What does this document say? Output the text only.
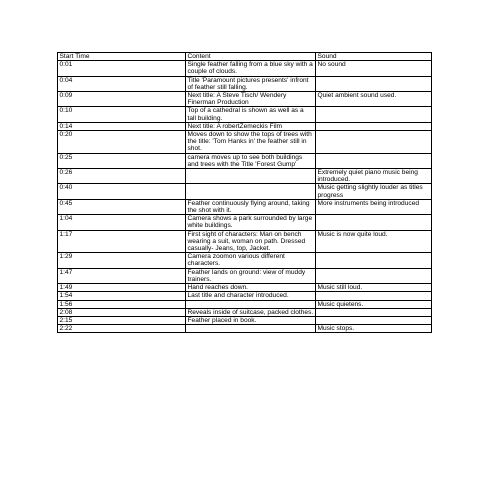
Start Time	Content	Sound
0:01	Single feather falling from a blue sky with a couple of clouds.	No sound
0:04	Title 'Paramount pictures presents' infront of feather still falling.	
0:09	Next title: A Steve Tisch/ Wendery Finerman Production	Quiet ambient sound used.
0:10	Top of a cathedral is shown as well as a tall building.	
0:14	Next title: A robertZemeckis Film	
0:20	Moves down to show the tops of trees with the title: 'Tom Hanks in' the feather still in shot.	
0:25	camera moves up to see both buildings and trees with the Title 'Forest Gump'	
0:26		Extremely quiet piano music being introduced.
0:40		Music getting slightly louder as titles progress
0:45	Feather continuously flying around, taking the shot with it.	More instruments being introduced
1:04	Camera shows a park surrounded by large white buildings.	
1:17	First sight of characters: Man on bench wearing a suit, woman on path. Dressed casually- Jeans, top, Jacket.	Music is now quite loud.
1:29	Camera zoomon various different characters.	
1:47	Feather lands on ground: view of muddy trainers.	
1:49	Hand reaches down.	Music still loud.
1:54	Last title and character introduced.	
1:56		Music quietens.
2:08	Reveals inside of suitcase, packed clothes.	
2:15	Feather placed in book.	
2:22		Music stops.
